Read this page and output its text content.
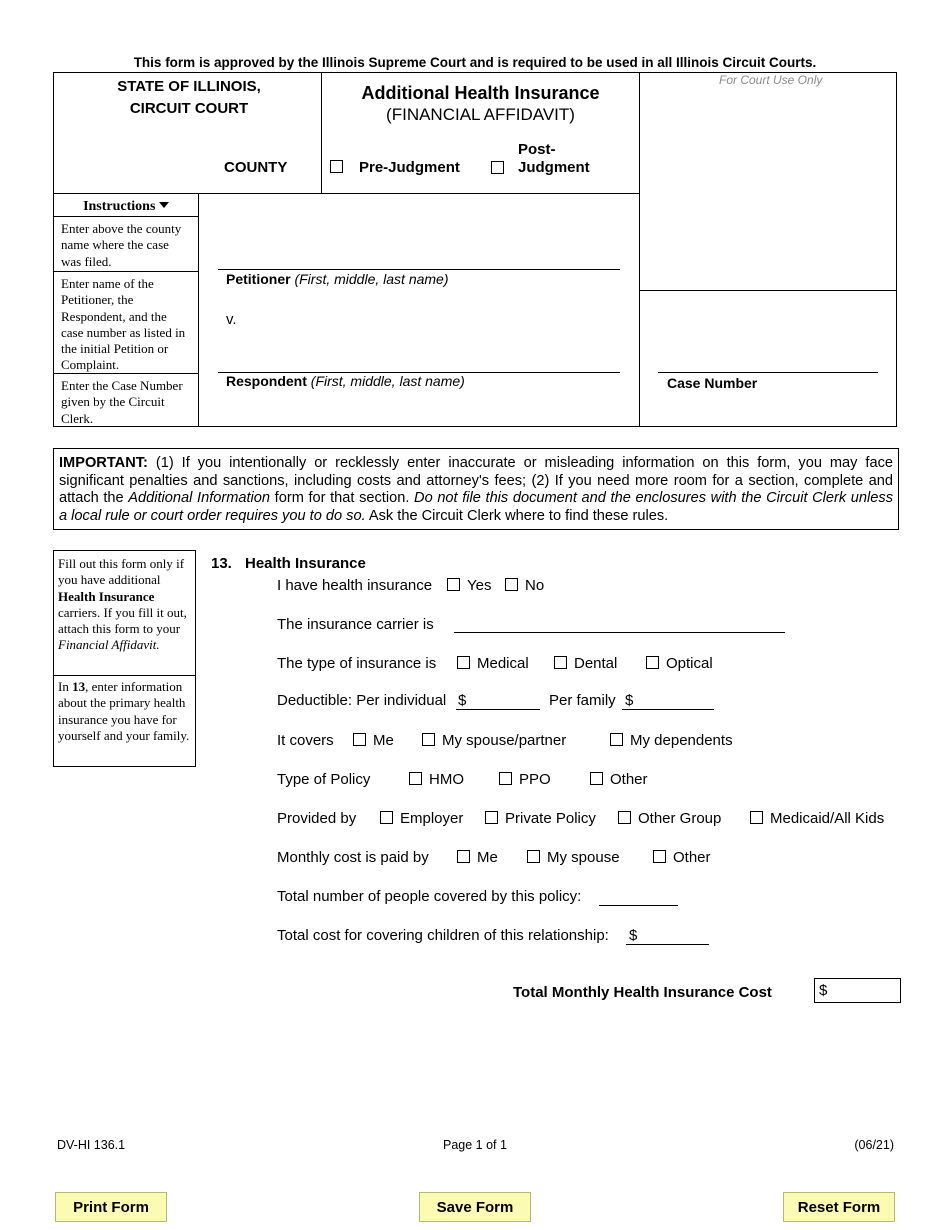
This form is approved by the Illinois Supreme Court and is required to be used in all Illinois Circuit Courts.
STATE OF ILLINOIS,
CIRCUIT COURT
COUNTY
Additional Health Insurance
(FINANCIAL AFFIDAVIT)
Pre-Judgment
Post-
Judgment
For Court Use Only
Instructions
Enter above the county name where the case was filed.
Enter name of the Petitioner, the Respondent, and the case number as listed in the initial Petition or Complaint.
Enter the Case Number given by the Circuit Clerk.
Petitioner (First, middle, last name)
v.
Respondent (First, middle, last name)	Case Number
IMPORTANT: (1) If you intentionally or recklessly enter inaccurate or misleading information on this form, you may face significant penalties and sanctions, including costs and attorney's fees; (2) If you need more room for a section, complete and attach the Additional Information form for that section. Do not file this document and the enclosures with the Circuit Clerk unless a local rule or court order requires you to do so. Ask the Circuit Clerk where to find these rules.
Fill out this form only if you have additional Health Insurance carriers. If you fill it out, attach this form to your Financial Affidavit.
In 13, enter information about the primary health insurance you have for yourself and your family.
13. Health Insurance
I have health insurance	Yes	No
The insurance carrier is
The type of insurance is	Medical	Dental	Optical
Deductible: Per individual $	Per family $
It covers	Me	My spouse/partner	My dependents
Type of Policy	HMO	PPO	Other
Provided by	Employer	Private Policy	Other Group	Medicaid/All Kids
Monthly cost is paid by	Me	My spouse	Other
Total number of people covered by this policy:
Total cost for covering children of this relationship: $
Total Monthly Health Insurance Cost	$
DV-HI 136.1	Page 1 of 1	(06/21)
Print Form	Save Form	Reset Form
